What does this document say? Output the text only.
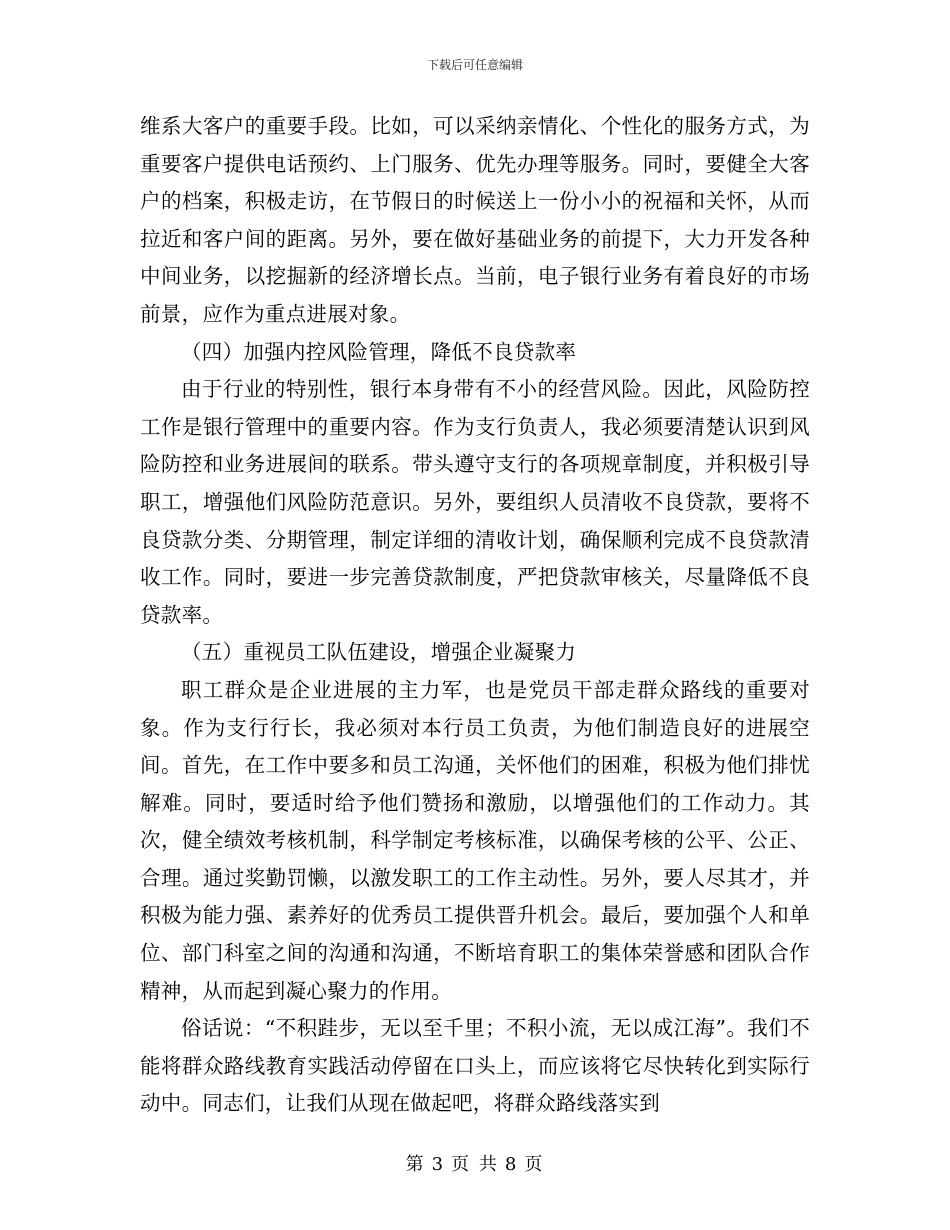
下载后可任意编辑

维系大客户的重要手段。比如，可以采纳亲情化、个性化的服务方式，为重要客户提供电话预约、上门服务、优先办理等服务。同时，要健全大客户的档案，积极走访，在节假日的时候送上一份小小的祝福和关怀，从而拉近和客户间的距离。另外，要在做好基础业务的前提下，大力开发各种中间业务，以挖掘新的经济增长点。当前，电子银行业务有着良好的市场前景，应作为重点进展对象。

（四）加强内控风险管理，降低不良贷款率

由于行业的特别性，银行本身带有不小的经营风险。因此，风险防控工作是银行管理中的重要内容。作为支行负责人，我必须要清楚认识到风险防控和业务进展间的联系。带头遵守支行的各项规章制度，并积极引导职工，增强他们风险防范意识。另外，要组织人员清收不良贷款，要将不良贷款分类、分期管理，制定详细的清收计划，确保顺利完成不良贷款清收工作。同时，要进一步完善贷款制度，严把贷款审核关，尽量降低不良贷款率。

（五）重视员工队伍建设，增强企业凝聚力

职工群众是企业进展的主力军，也是党员干部走群众路线的重要对象。作为支行行长，我必须对本行员工负责，为他们制造良好的进展空间。首先，在工作中要多和员工沟通，关怀他们的困难，积极为他们排忧解难。同时，要适时给予他们赞扬和激励，以增强他们的工作动力。其次，健全绩效考核机制，科学制定考核标准，以确保考核的公平、公正、合理。通过奖勤罚懒，以激发职工的工作主动性。另外，要人尽其才，并积极为能力强、素养好的优秀员工提供晋升机会。最后，要加强个人和单位、部门科室之间的沟通和沟通，不断培育职工的集体荣誉感和团队合作精神，从而起到凝心聚力的作用。

俗话说：“不积跬步，无以至千里；不积小流，无以成江海”。我们不能将群众路线教育实践活动停留在口头上，而应该将它尽快转化到实际行动中。同志们，让我们从现在做起吧，将群众路线落实到

第 3 页 共 8 页
